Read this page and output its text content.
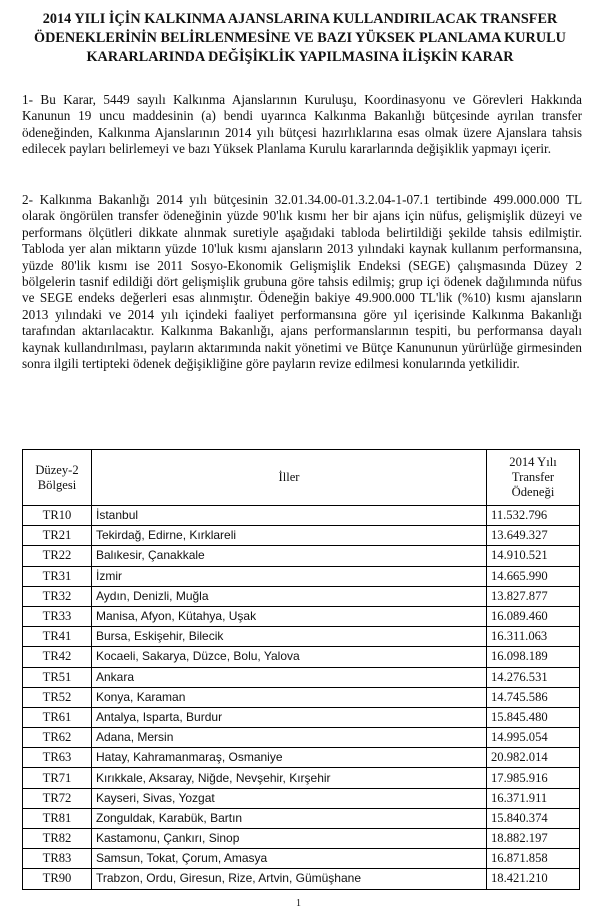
2014 YILI İÇİN KALKINMA AJANSLARINA KULLANDIRILACAK TRANSFER ÖDENEKLERİNİN BELİRLENMESİNE VE BAZI YÜKSEK PLANLAMA KURULU KARARLARINDA DEĞİŞİKLİK YAPILMASINA İLİŞKİN KARAR
1- Bu Karar, 5449 sayılı Kalkınma Ajanslarının Kuruluşu, Koordinasyonu ve Görevleri Hakkında Kanunun 19 uncu maddesinin (a) bendi uyarınca Kalkınma Bakanlığı bütçesinde ayrılan transfer ödeneğinden, Kalkınma Ajanslarının 2014 yılı bütçesi hazırlıklarına esas olmak üzere Ajanslara tahsis edilecek payları belirlemeyi ve bazı Yüksek Planlama Kurulu kararlarında değişiklik yapmayı içerir.
2- Kalkınma Bakanlığı 2014 yılı bütçesinin 32.01.34.00-01.3.2.04-1-07.1 tertibinde 499.000.000 TL olarak öngörülen transfer ödeneğinin yüzde 90'lık kısmı her bir ajans için nüfus, gelişmişlik düzeyi ve performans ölçütleri dikkate alınmak suretiyle aşağıdaki tabloda belirtildiği şekilde tahsis edilmiştir. Tabloda yer alan miktarın yüzde 10'luk kısmı ajansların 2013 yılındaki kaynak kullanım performansına, yüzde 80'lik kısmı ise 2011 Sosyo-Ekonomik Gelişmişlik Endeksi (SEGE) çalışmasında Düzey 2 bölgelerin tasnif edildiği dört gelişmişlik grubuna göre tahsis edilmiş; grup içi ödenek dağılımında nüfus ve SEGE endeks değerleri esas alınmıştır. Ödeneğin bakiye 49.900.000 TL'lik (%10) kısmı ajansların 2013 yılındaki ve 2014 yılı içindeki faaliyet performansına göre yıl içerisinde Kalkınma Bakanlığı tarafından aktarılacaktır. Kalkınma Bakanlığı, ajans performanslarının tespiti, bu performansa dayalı kaynak kullandırılması, payların aktarımında nakit yönetimi ve Bütçe Kanununun yürürlüğe girmesinden sonra ilgili tertipteki ödenek değişikliğine göre payların revize edilmesi konularında yetkilidir.
Düzey-2 Bölgesi	İller	2014 Yılı Transfer Ödeneği
TR10	İstanbul	11.532.796
TR21	Tekirdağ, Edirne, Kırklareli	13.649.327
TR22	Balıkesir, Çanakkale	14.910.521
TR31	İzmir	14.665.990
TR32	Aydın, Denizli, Muğla	13.827.877
TR33	Manisa, Afyon, Kütahya, Uşak	16.089.460
TR41	Bursa, Eskişehir, Bilecik	16.311.063
TR42	Kocaeli, Sakarya, Düzce, Bolu, Yalova	16.098.189
TR51	Ankara	14.276.531
TR52	Konya, Karaman	14.745.586
TR61	Antalya, Isparta, Burdur	15.845.480
TR62	Adana, Mersin	14.995.054
TR63	Hatay, Kahramanmaraş, Osmaniye	20.982.014
TR71	Kırıkkale, Aksaray, Niğde, Nevşehir, Kırşehir	17.985.916
TR72	Kayseri, Sivas, Yozgat	16.371.911
TR81	Zonguldak, Karabük, Bartın	15.840.374
TR82	Kastamonu, Çankırı, Sinop	18.882.197
TR83	Samsun, Tokat, Çorum, Amasya	16.871.858
TR90	Trabzon, Ordu, Giresun, Rize, Artvin, Gümüşhane	18.421.210
1
